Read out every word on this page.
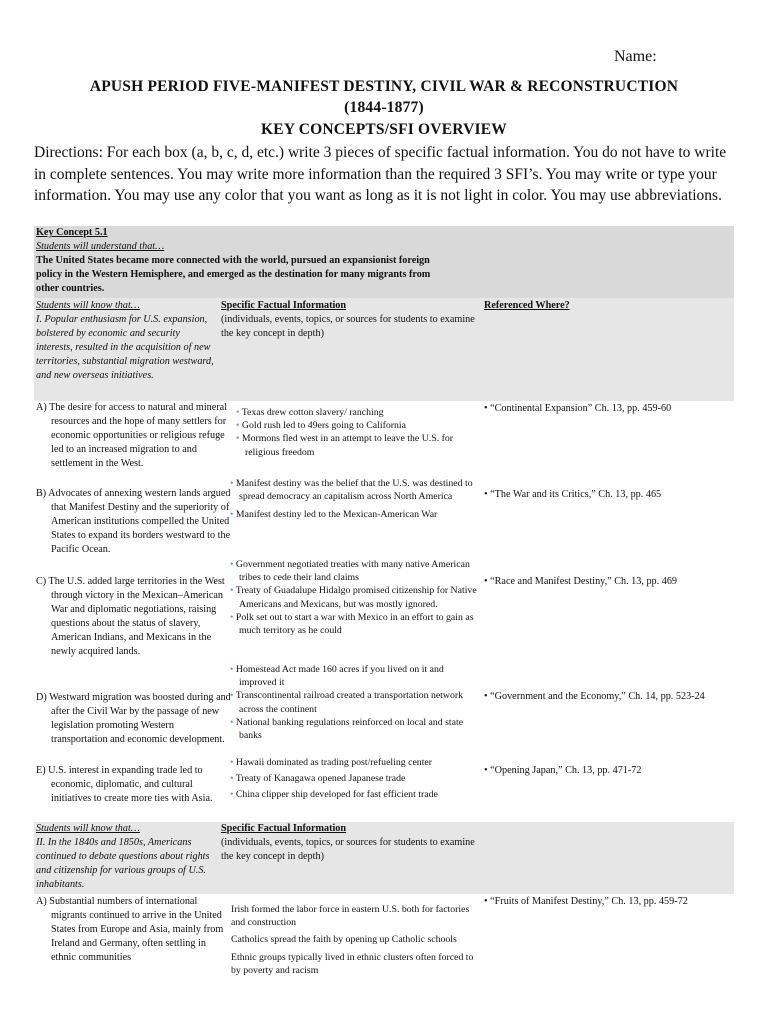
Name:
APUSH PERIOD FIVE-MANIFEST DESTINY, CIVIL WAR & RECONSTRUCTION
(1844-1877)
KEY CONCEPTS/SFI OVERVIEW
Directions: For each box (a, b, c, d, etc.) write 3 pieces of specific factual information. You do not have to write in complete sentences. You may write more information than the required 3 SFI’s. You may write or type your information. You may use any color that you want as long as it is not light in color. You may use abbreviations.
Key Concept 5.1
Students will understand that…
The United States became more connected with the world, pursued an expansionist foreign policy in the Western Hemisphere, and emerged as the destination for many migrants from other countries.
Students will know that…
I. Popular enthusiasm for U.S. expansion, bolstered by economic and security interests, resulted in the acquisition of new territories, substantial migration westward, and new overseas initiatives.
Specific Factual Information
(individuals, events, topics, or sources for students to examine the key concept in depth)
Referenced Where?
A) The desire for access to natural and mineral resources and the hope of many settlers for economic opportunities or religious refuge led to an increased migration to and settlement in the West.
• Texas drew cotton slavery/ ranching
• Gold rush led to 49ers going to California
• Mormons fled west in an attempt to leave the U.S. for religious freedom
• “Continental Expansion” Ch. 13, pp. 459-60
B) Advocates of annexing western lands argued that Manifest Destiny and the superiority of American institutions compelled the United States to expand its borders westward to the Pacific Ocean.
• Manifest destiny was the belief that the U.S. was destined to spread democracy an capitalism across North America
• Manifest destiny led to the Mexican-American War
• “The War and its Critics,” Ch. 13, pp. 465
C) The U.S. added large territories in the West through victory in the Mexican–American War and diplomatic negotiations, raising questions about the status of slavery, American Indians, and Mexicans in the newly acquired lands.
• Government negotiated treaties with many native American tribes to cede their land claims
• Treaty of Guadalupe Hidalgo promised citizenship for Native Americans and Mexicans, but was mostly ignored.
• Polk set out to start a war with Mexico in an effort to gain as much territory as he could
• “Race and Manifest Destiny,” Ch. 13, pp. 469
D) Westward migration was boosted during and after the Civil War by the passage of new legislation promoting Western transportation and economic development.
• Homestead Act made 160 acres if you lived on it and improved it
• Transcontinental railroad created a transportation network across the continent
• National banking regulations reinforced on local and state banks
• “Government and the Economy,” Ch. 14, pp. 523-24
E) U.S. interest in expanding trade led to economic, diplomatic, and cultural initiatives to create more ties with Asia.
• Hawaii dominated as trading post/refueling center
• Treaty of Kanagawa opened Japanese trade
• China clipper ship developed for fast efficient trade
• “Opening Japan,” Ch. 13, pp. 471-72
Students will know that…
II. In the 1840s and 1850s, Americans continued to debate questions about rights and citizenship for various groups of U.S. inhabitants.
Specific Factual Information
(individuals, events, topics, or sources for students to examine the key concept in depth)
A) Substantial numbers of international migrants continued to arrive in the United States from Europe and Asia, mainly from Ireland and Germany, often settling in ethnic communities
Irish formed the labor force in eastern U.S. both for factories and construction
Catholics spread the faith by opening up Catholic schools
Ethnic groups typically lived in ethnic clusters often forced to by poverty and racism
• “Fruits of Manifest Destiny,” Ch. 13, pp. 459-72
